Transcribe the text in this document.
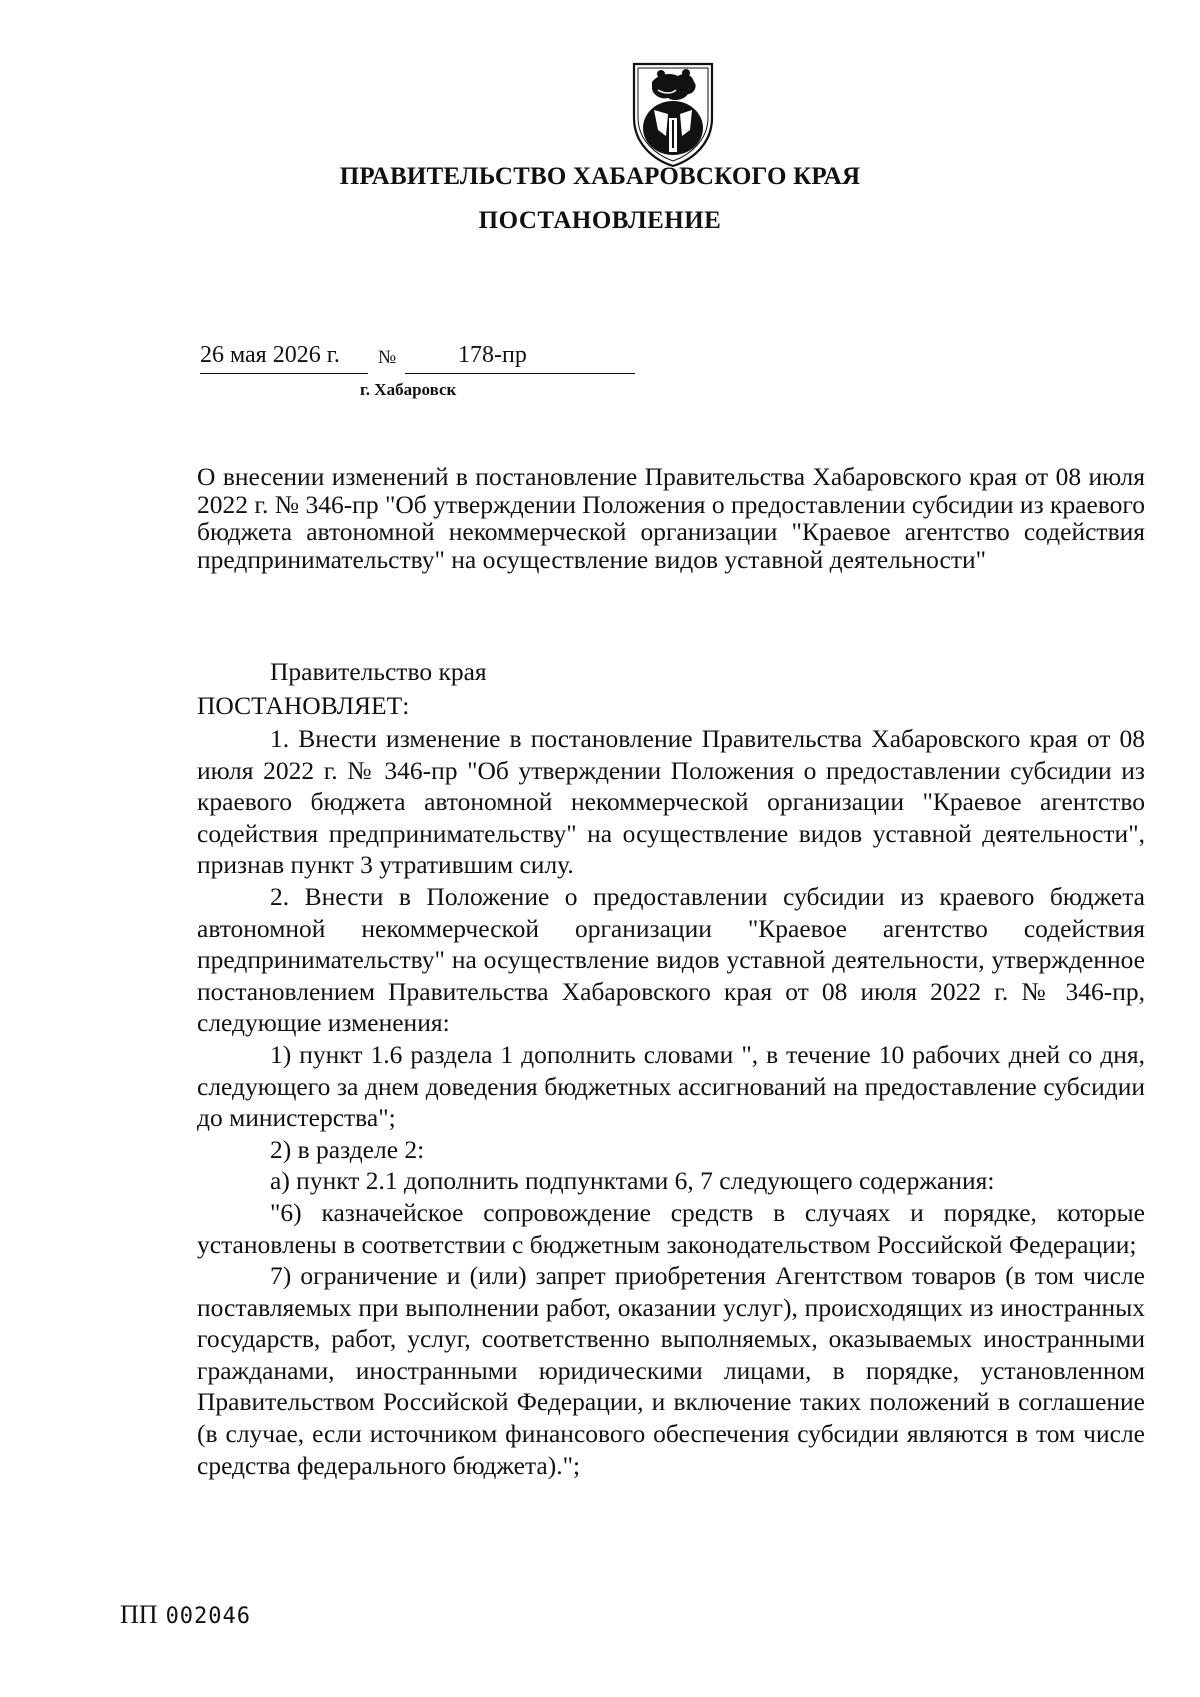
ПРАВИТЕЛЬСТВО ХАБАРОВСКОГО КРАЯ
ПОСТАНОВЛЕНИЕ
26 мая 2026 г. №	178-пр
г. Хабаровск

О внесении изменений в постановление Правительства Хабаровского края от 08 июля 2022 г. № 346-пр "Об утверждении Положения о предоставлении субсидии из краевого бюджета автономной некоммерческой организации "Краевое агентство содействия предпринимательству" на осуществление видов уставной деятельности"

Правительство края

ПОСТАНОВЛЯЕТ:

1. Внести изменение в постановление Правительства Хабаровского края от 08 июля 2022 г. № 346-пр "Об утверждении Положения о предоставлении субсидии из краевого бюджета автономной некоммерческой организации "Краевое агентство содействия предпринимательству" на осуществление видов уставной деятельности", признав пункт 3 утратившим силу.

2. Внести в Положение о предоставлении субсидии из краевого бюджета автономной некоммерческой организации "Краевое агентство содействия предпринимательству" на осуществление видов уставной деятельности, утвержденное постановлением Правительства Хабаровского края от 08 июля 2022 г. № 346-пр, следующие изменения:

1) пункт 1.6 раздела 1 дополнить словами ", в течение 10 рабочих дней со дня, следующего за днем доведения бюджетных ассигнований на предоставление субсидии до министерства";

2) в разделе 2:

а) пункт 2.1 дополнить подпунктами 6, 7 следующего содержания:

"6) казначейское сопровождение средств в случаях и порядке, которые установлены в соответствии с бюджетным законодательством Российской Федерации;

7) ограничение и (или) запрет приобретения Агентством товаров (в том числе поставляемых при выполнении работ, оказании услуг), происходящих из иностранных государств, работ, услуг, соответственно выполняемых, оказываемых иностранными гражданами, иностранными юридическими лицами, в порядке, установленном Правительством Российской Федерации, и включение таких положений в соглашение (в случае, если источником финансового обеспечения субсидии являются в том числе средства федерального бюджета).";

ПП 002046
